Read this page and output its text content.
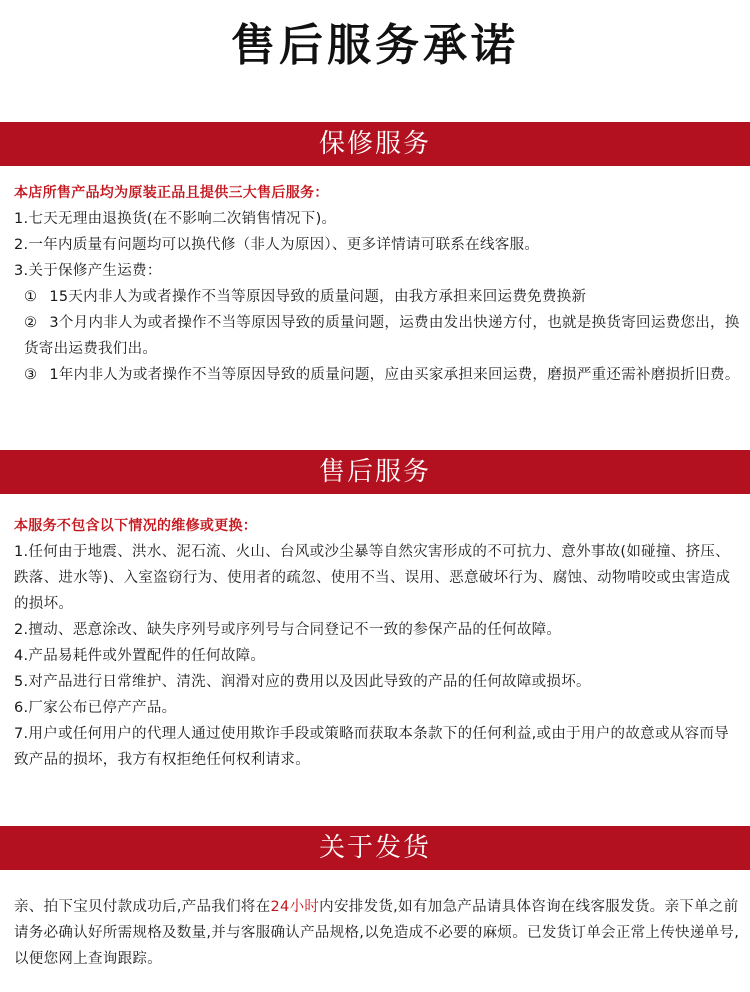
售后服务承诺
保修服务

本店所售产品均为原装正品且提供三大售后服务：

1.七天无理由退换货(在不影响二次销售情况下)。

2.一年内质量有问题均可以换代修（非人为原因）、更多详情请可联系在线客服。

3.关于保修产生运费：

① 15天内非人为或者操作不当等原因导致的质量问题，由我方承担来回运费免费换新

② 3个月内非人为或者操作不当等原因导致的质量问题，运费由发出快递方付，也就是换货寄回运费您出，换货寄出运费我们出。

③ 1年内非人为或者操作不当等原因导致的质量问题，应由买家承担来回运费，磨损严重还需补磨损折旧费。

售后服务

本服务不包含以下情况的维修或更换：

1.任何由于地震、洪水、泥石流、火山、台风或沙尘暴等自然灾害形成的不可抗力、意外事故(如碰撞、挤压、跌落、进水等)、入室盗窃行为、使用者的疏忽、使用不当、误用、恶意破坏行为、腐蚀、动物啃咬或虫害造成的损坏。

2.擅动、恶意涂改、缺失序列号或序列号与合同登记不一致的参保产品的任何故障。

4.产品易耗件或外置配件的任何故障。

5.对产品进行日常维护、清洗、润滑对应的费用以及因此导致的产品的任何故障或损坏。

6.厂家公布已停产产品。

7.用户或任何用户的代理人通过使用欺诈手段或策略而获取本条款下的任何利益,或由于用户的故意或从容而导致产品的损坏，我方有权拒绝任何权利请求。

关于发货

亲、拍下宝贝付款成功后,产品我们将在24小时内安排发货,如有加急产品请具体咨询在线客服发货。亲下单之前请务必确认好所需规格及数量,并与客服确认产品规格,以免造成不必要的麻烦。已发货订单会正常上传快递单号,以便您网上查询跟踪。
